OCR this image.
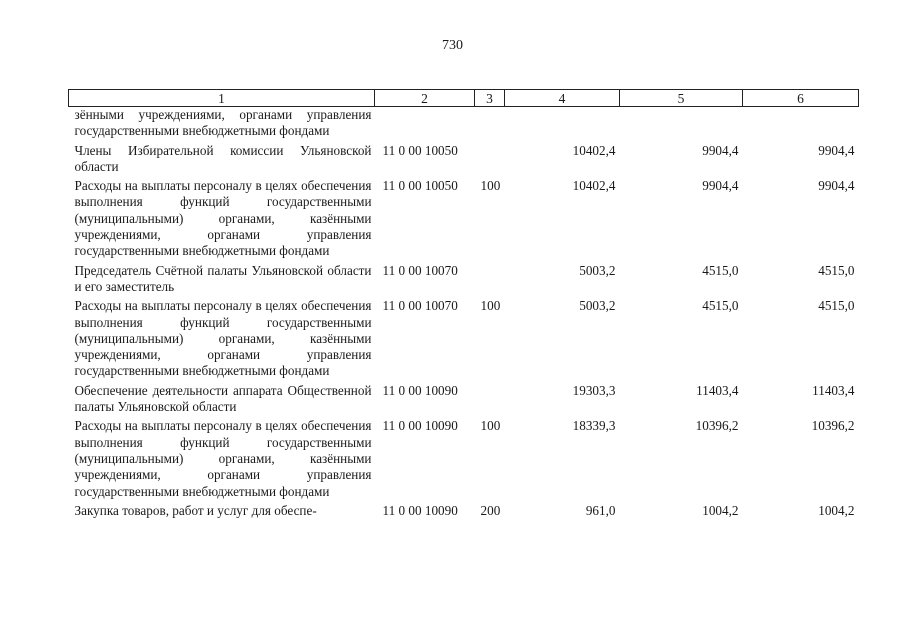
730
1	2	3	4	5	6
зёнными учреждениями, органами управления государственными внебюджетными фондами					
Члены Избирательной комиссии Ульяновской области	11 0 00 10050		10402,4	9904,4	9904,4
Расходы на выплаты персоналу в целях обеспечения выполнения функций государственными (муниципальными) органами, казёнными учреждениями, органами управления государственными внебюджетными фондами	11 0 00 10050	100	10402,4	9904,4	9904,4
Председатель Счётной палаты Ульяновской области и его заместитель	11 0 00 10070		5003,2	4515,0	4515,0
Расходы на выплаты персоналу в целях обеспечения выполнения функций государственными (муниципальными) органами, казёнными учреждениями, органами управления государственными внебюджетными фондами	11 0 00 10070	100	5003,2	4515,0	4515,0
Обеспечение деятельности аппарата Общественной палаты Ульяновской области	11 0 00 10090		19303,3	11403,4	11403,4
Расходы на выплаты персоналу в целях обеспечения выполнения функций государственными (муниципальными) органами, казёнными учреждениями, органами управления государственными внебюджетными фондами	11 0 00 10090	100	18339,3	10396,2	10396,2
Закупка товаров, работ и услуг для обеспе-	11 0 00 10090	200	961,0	1004,2	1004,2
